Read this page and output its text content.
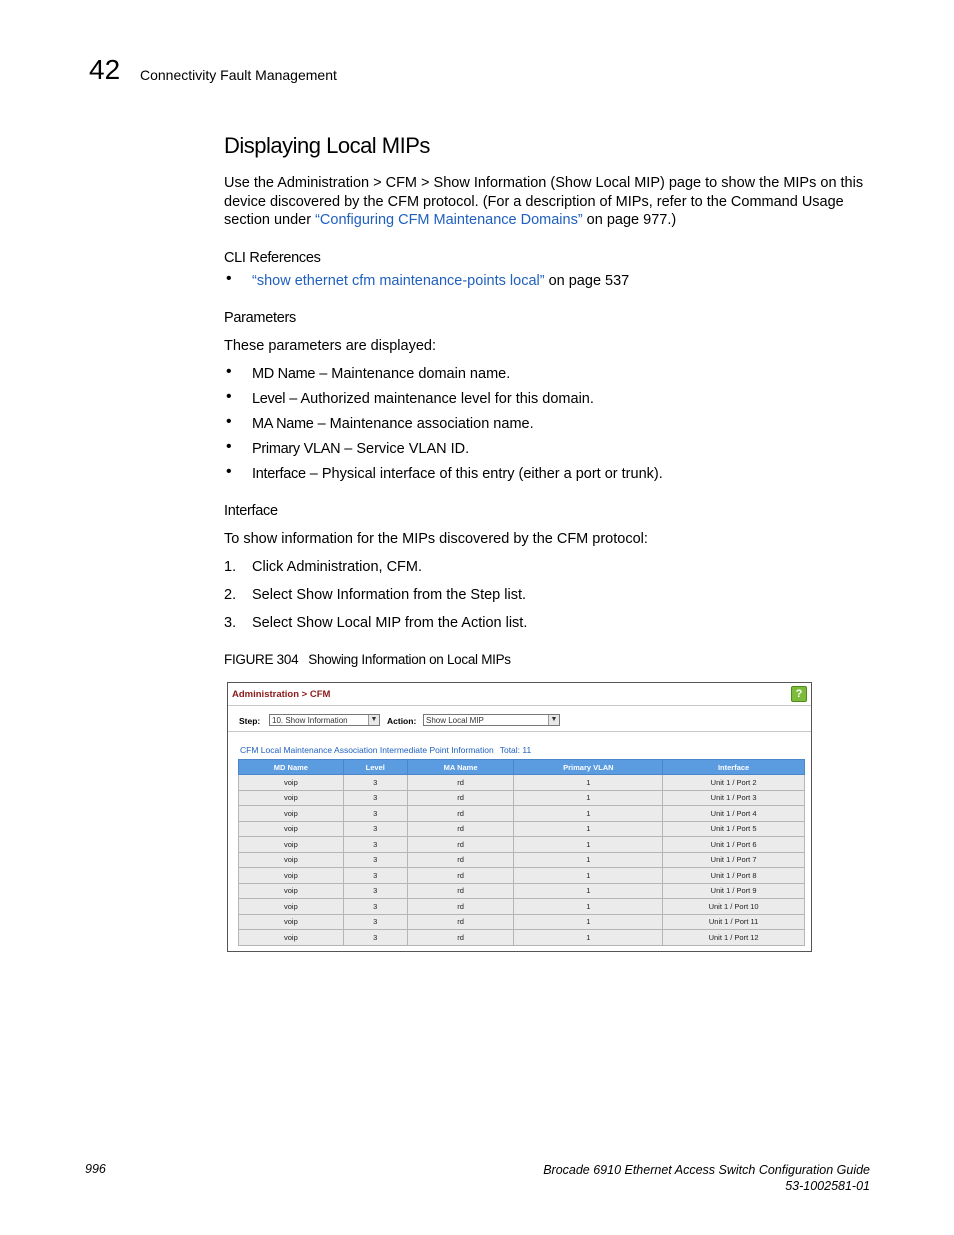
42 Connectivity Fault Management
Displaying Local MIPs
Use the Administration > CFM > Show Information (Show Local MIP) page to show the MIPs on this
device discovered by the CFM protocol. (For a description of MIPs, refer to the Command Usage
section under “Configuring CFM Maintenance Domains” on page 977.)
CLI References
• “show ethernet cfm maintenance-points local” on page 537
Parameters
These parameters are displayed:
• MD Name – Maintenance domain name.
• Level – Authorized maintenance level for this domain.
• MA Name – Maintenance association name.
• Primary VLAN – Service VLAN ID.
• Interface – Physical interface of this entry (either a port or trunk).
Interface
To show information for the MIPs discovered by the CFM protocol:
1. Click Administration, CFM.
2. Select Show Information from the Step list.
3. Select Show Local MIP from the Action list.
FIGURE 304 Showing Information on Local MIPs
Administration > CFM	?
Step:	10. Show Information	▼ Action:	Show Local MIP	▼
CFM Local Maintenance Association Intermediate Point Information Total: 11
MD Name	Level	MA Name	Primary VLAN	Interface
voip	3	rd	1	Unit 1 / Port 2
voip	3	rd	1	Unit 1 / Port 3
voip	3	rd	1	Unit 1 / Port 4
voip	3	rd	1	Unit 1 / Port 5
voip	3	rd	1	Unit 1 / Port 6
voip	3	rd	1	Unit 1 / Port 7
voip	3	rd	1	Unit 1 / Port 8
voip	3	rd	1	Unit 1 / Port 9
voip	3	rd	1	Unit 1 / Port 10
voip	3	rd	1	Unit 1 / Port 11
voip	3	rd	1	Unit 1 / Port 12
996	Brocade 6910 Ethernet Access Switch Configuration Guide
53-1002581-01
